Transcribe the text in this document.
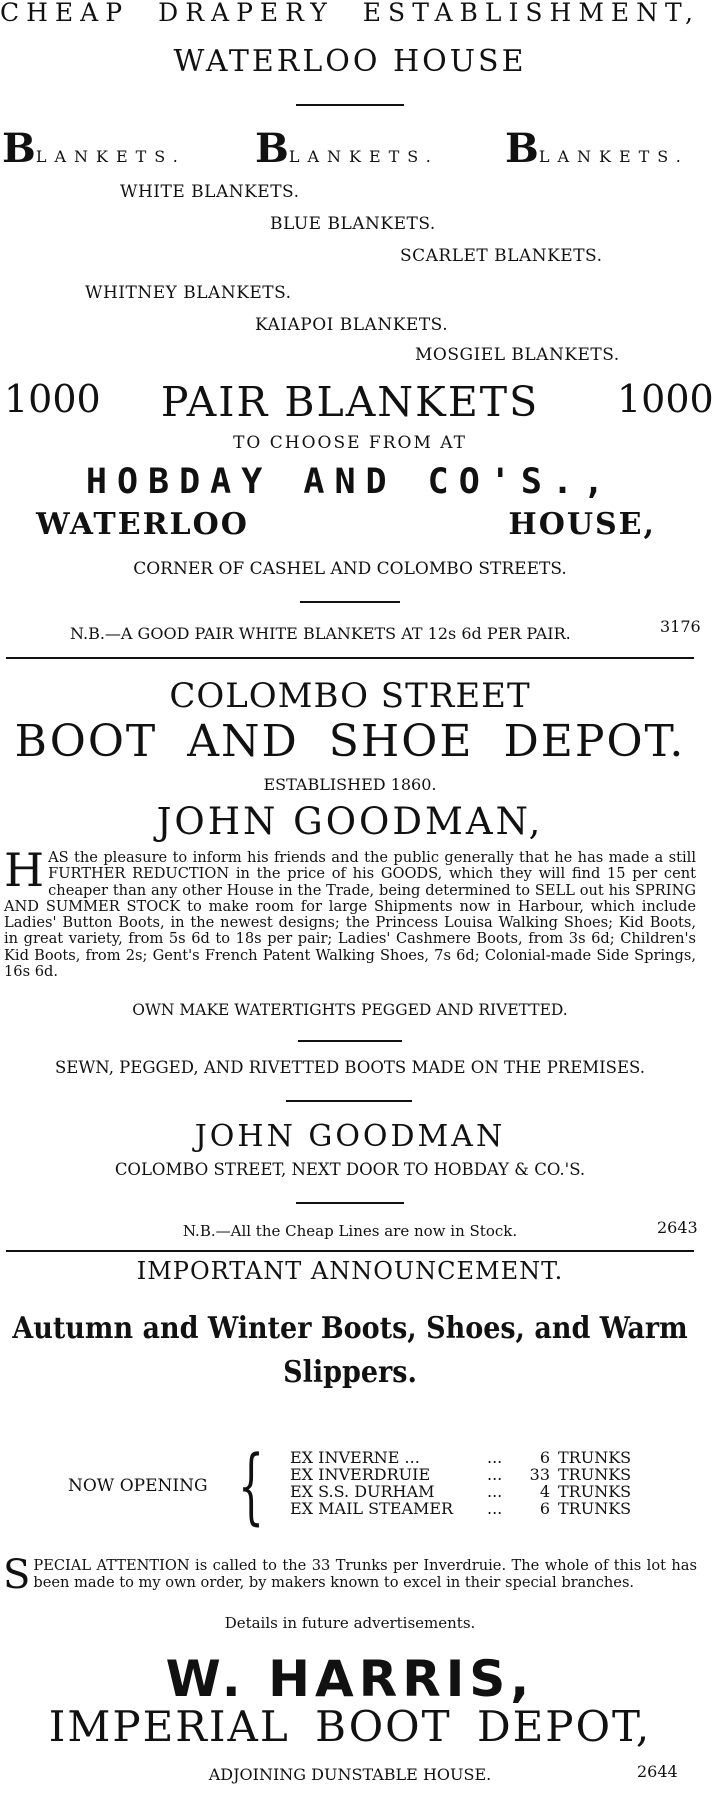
CHEAP DRAPERY ESTABLISHMENT,
WATERLOO HOUSE
BLANKETS. BLANKETS. BLANKETS.
WHITE BLANKETS.
BLUE BLANKETS.
SCARLET BLANKETS.
WHITNEY BLANKETS.
KAIAPOI BLANKETS.
MOSGIEL BLANKETS.
1000	PAIR BLANKETS	1000
TO CHOOSE FROM AT
HOBDAY AND CO'S.,
WATERLOO HOUSE,
CORNER OF CASHEL AND COLOMBO STREETS.
N.B.—A GOOD PAIR WHITE BLANKETS AT 12s 6d PER PAIR.	3176
COLOMBO STREET
BOOT AND SHOE DEPOT.
ESTABLISHED 1860.
JOHN GOODMAN,
H AS the pleasure to inform his friends and the public generally that he has made a still FURTHER REDUCTION in the price of his GOODS, which they will find 15 per cent cheaper than any other House in the Trade, being determined to SELL out his SPRING AND SUMMER STOCK to make room for large Shipments now in Harbour, which include Ladies' Button Boots, in the newest designs; the Princess Louisa Walking Shoes; Kid Boots, in great variety, from 5s 6d to 18s per pair; Ladies' Cashmere Boots, from 3s 6d; Children's Kid Boots, from 2s; Gent's French Patent Walking Shoes, 7s 6d; Colonial-made Side Springs, 16s 6d.
OWN MAKE WATERTIGHTS PEGGED AND RIVETTED.
SEWN, PEGGED, AND RIVETTED BOOTS MADE ON THE PREMISES.
JOHN GOODMAN
COLOMBO STREET, NEXT DOOR TO HOBDAY & CO.'S.
N.B.—All the Cheap Lines are now in Stock.	2643
IMPORTANT ANNOUNCEMENT.
Autumn and Winter Boots, Shoes, and Warm Slippers.
NOW OPENING { EX INVERNE ...	...	6 TRUNKS
EX INVERDRUIE	...	33 TRUNKS
EX S.S. DURHAM	...	4 TRUNKS
EX MAIL STEAMER ...	6 TRUNKS
S PECIAL ATTENTION is called to the 33 Trunks per Inverdruie. The whole of this lot has been made to my own order, by makers known to excel in their special branches.
Details in future advertisements.
W. HARRIS,
IMPERIAL BOOT DEPOT,
ADJOINING DUNSTABLE HOUSE.	2644
